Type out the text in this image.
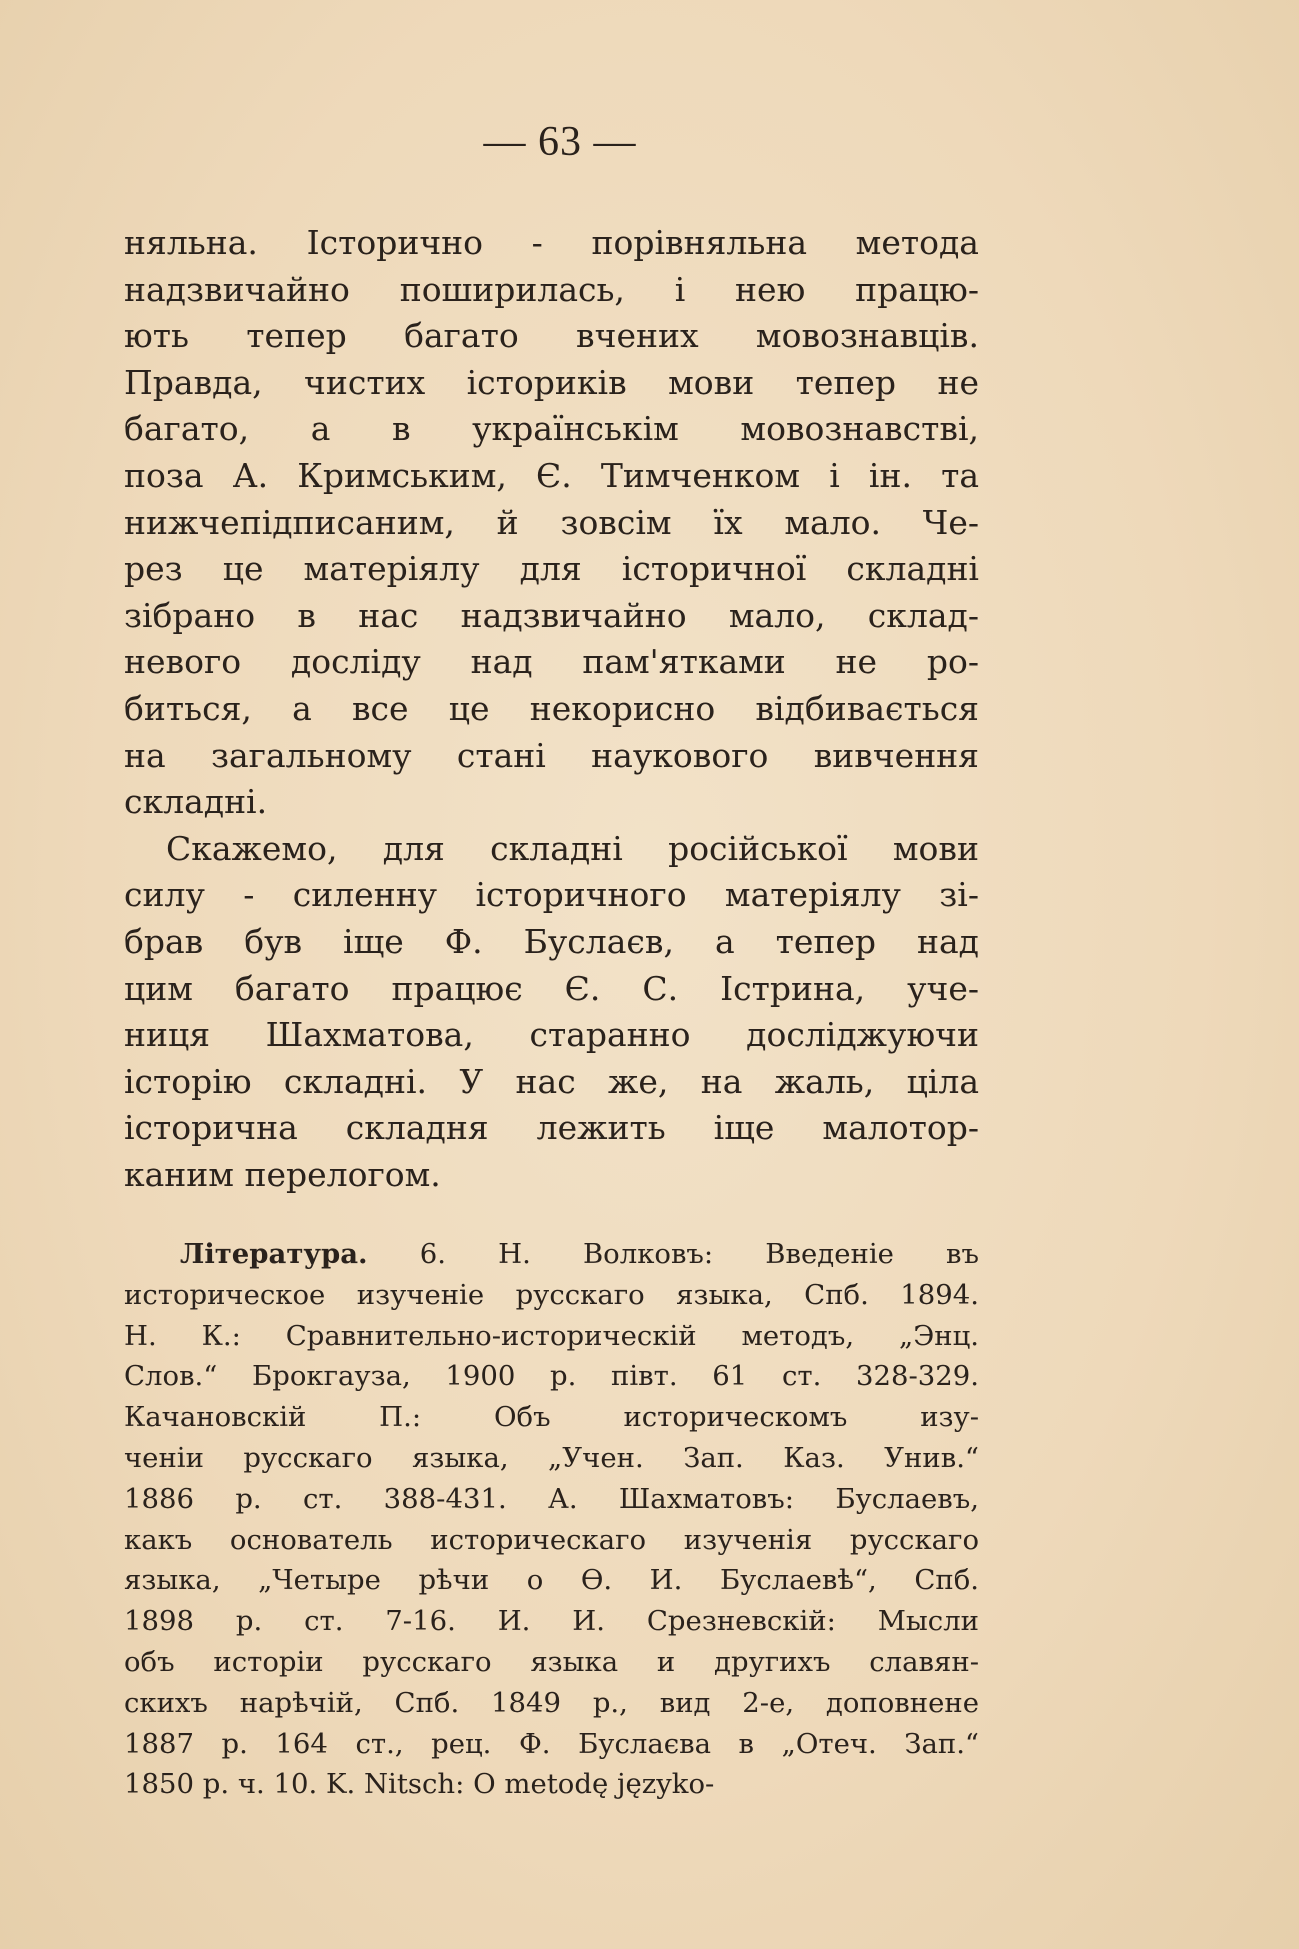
— 63 —
няльна. Історично - порівняльна метода
надзвичайно поширилась, і нею працю-
ють тепер багато вчених мовознавців.
Правда, чистих істориків мови тепер не
багато, а в українськім мовознавстві,
поза А. Кримським, Є. Тимченком і ін. та
нижчепідписаним, й зовсім їх мало. Че-
рез це матеріялу для історичної складні
зібрано в нас надзвичайно мало, склад-
невого досліду над пам'ятками не ро-
биться, а все це некорисно відбивається
на загальному стані наукового вивчення
складні.
Скажемо, для складні російської мови
силу - силенну історичного матеріялу зі-
брав був іще Ф. Буслаєв, а тепер над
цим багато працює Є. С. Істрина, уче-
ниця Шахматова, старанно досліджуючи
історію складні. У нас же, на жаль, ціла
історична складня лежить іще малотор-
каним перелогом.
Література. 6. Н. Волковъ: Введеніе въ
историческое изученіе русскаго языка, Спб. 1894.
Н. К.: Сравнительно-историческій методъ, „Энц.
Слов.“ Брокгауза, 1900 р. півт. 61 ст. 328-329.
Качановскій П.: Объ историческомъ изу-
ченіи русскаго языка, „Учен. Зап. Каз. Унив.“
1886 р. ст. 388-431. А. Шахматовъ: Буслаевъ,
какъ основатель историческаго изученія русскаго
языка, „Четыре рѣчи о Ѳ. И. Буслаевѣ“, Спб.
1898 р. ст. 7-16. И. И. Срезневскій: Мысли
объ исторіи русскаго языка и другихъ славян-
скихъ нарѣчій, Спб. 1849 р., вид 2-е, доповнене
1887 р. 164 ст., рец. Ф. Буслаєва в „Отеч. Зап.“
1850 р. ч. 10. K. Nitsch: O metodę językо-
